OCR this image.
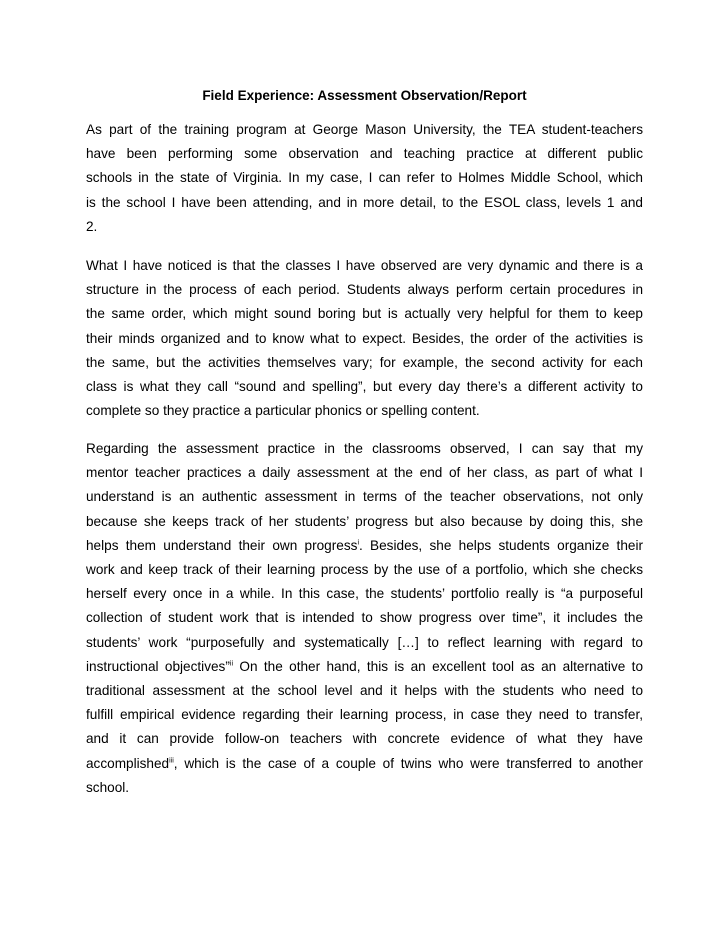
Field Experience: Assessment Observation/Report
As part of the training program at George Mason University, the TEA student-teachers
have been performing some observation and teaching practice at different public
schools in the state of Virginia. In my case, I can refer to Holmes Middle School, which
is the school I have been attending, and in more detail, to the ESOL class, levels 1 and
2.
What I have noticed is that the classes I have observed are very dynamic and there is a
structure in the process of each period. Students always perform certain procedures in
the same order, which might sound boring but is actually very helpful for them to keep
their minds organized and to know what to expect. Besides, the order of the activities is
the same, but the activities themselves vary; for example, the second activity for each
class is what they call “sound and spelling”, but every day there’s a different activity to
complete so they practice a particular phonics or spelling content.
Regarding the assessment practice in the classrooms observed, I can say that my
mentor teacher practices a daily assessment at the end of her class, as part of what I
understand is an authentic assessment in terms of the teacher observations, not only
because she keeps track of her students’ progress but also because by doing this, she
helps them understand their own progress$^i$. Besides, she helps students organize their
work and keep track of their learning process by the use of a portfolio, which she checks
herself every once in a while. In this case, the students’ portfolio really is “a purposeful
collection of student work that is intended to show progress over time”, it includes the
students’ work “purposefully and systematically […] to reflect learning with regard to
instructional objectives”$^{ii}$ On the other hand, this is an excellent tool as an alternative to
traditional assessment at the school level and it helps with the students who need to
fulfill empirical evidence regarding their learning process, in case they need to transfer,
and it can provide follow-on teachers with concrete evidence of what they have
accomplished$^{iii}$, which is the case of a couple of twins who were transferred to another
school.
